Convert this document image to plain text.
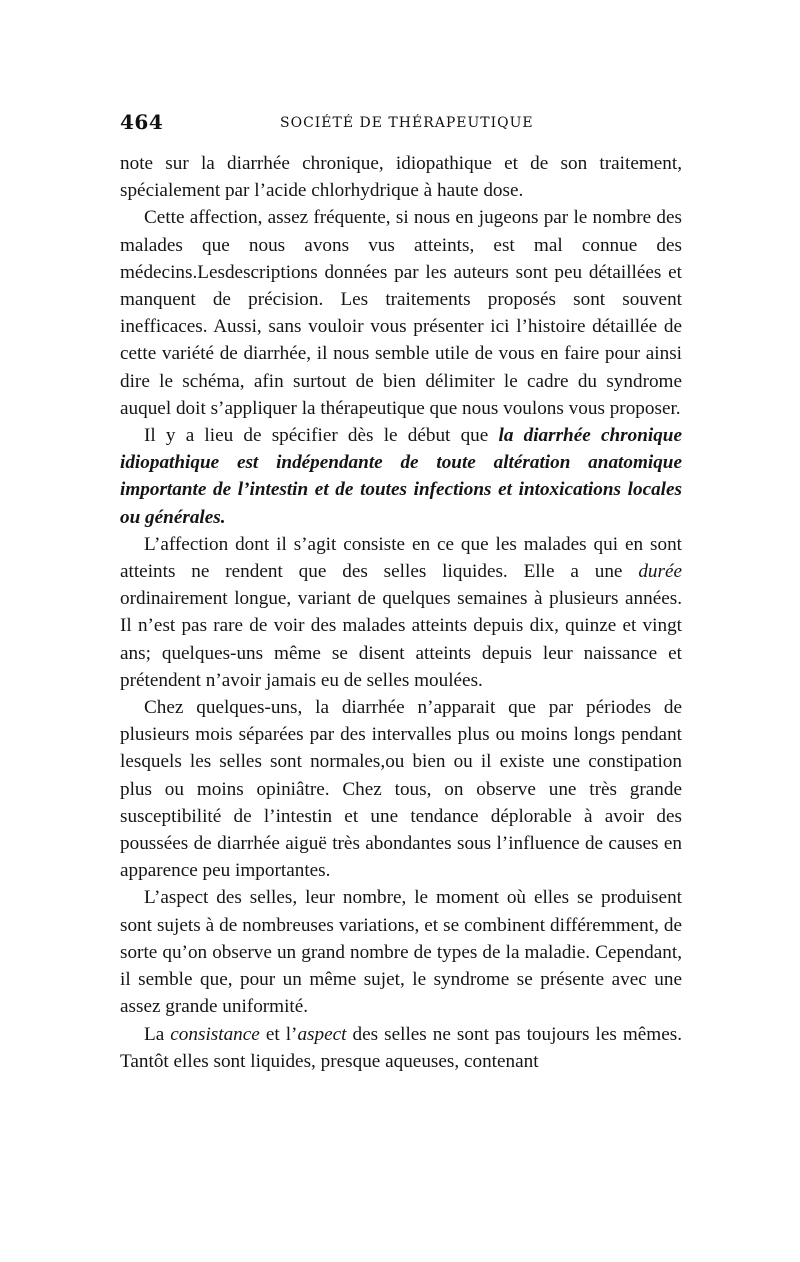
464	SOCIÉTÉ DE THÉRAPEUTIQUE

note sur la diarrhée chronique, idiopathique et de son traitement, spécialement par l’acide chlorhydrique à haute dose.

Cette affection, assez fréquente, si nous en jugeons par le nombre des malades que nous avons vus atteints, est mal connue des médecins.Lesdescriptions données par les auteurs sont peu détaillées et manquent de précision. Les traitements proposés sont souvent inefficaces. Aussi, sans vouloir vous présenter ici l’histoire détaillée de cette variété de diarrhée, il nous semble utile de vous en faire pour ainsi dire le schéma, afin surtout de bien délimiter le cadre du syndrome auquel doit s’appliquer la thérapeutique que nous voulons vous proposer.

Il y a lieu de spécifier dès le début que la diarrhée chronique idiopathique est indépendante de toute altération anatomique importante de l’intestin et de toutes infections et intoxications locales ou générales.

L’affection dont il s’agit consiste en ce que les malades qui en sont atteints ne rendent que des selles liquides. Elle a une durée ordinairement longue, variant de quelques semaines à plusieurs années. Il n’est pas rare de voir des malades atteints depuis dix, quinze et vingt ans; quelques-uns même se disent atteints depuis leur naissance et prétendent n’avoir jamais eu de selles moulées.

Chez quelques-uns, la diarrhée n’apparait que par périodes de plusieurs mois séparées par des intervalles plus ou moins longs pendant lesquels les selles sont normales,ou bien ou il existe une constipation plus ou moins opiniâtre. Chez tous, on observe une très grande susceptibilité de l’intestin et une tendance déplorable à avoir des poussées de diarrhée aiguë très abondantes sous l’influence de causes en apparence peu importantes.

L’aspect des selles, leur nombre, le moment où elles se produisent sont sujets à de nombreuses variations, et se combinent différemment, de sorte qu’on observe un grand nombre de types de la maladie. Cependant, il semble que, pour un même sujet, le syndrome se présente avec une assez grande uniformité.

La consistance et l’aspect des selles ne sont pas toujours les mêmes. Tantôt elles sont liquides, presque aqueuses, contenant
